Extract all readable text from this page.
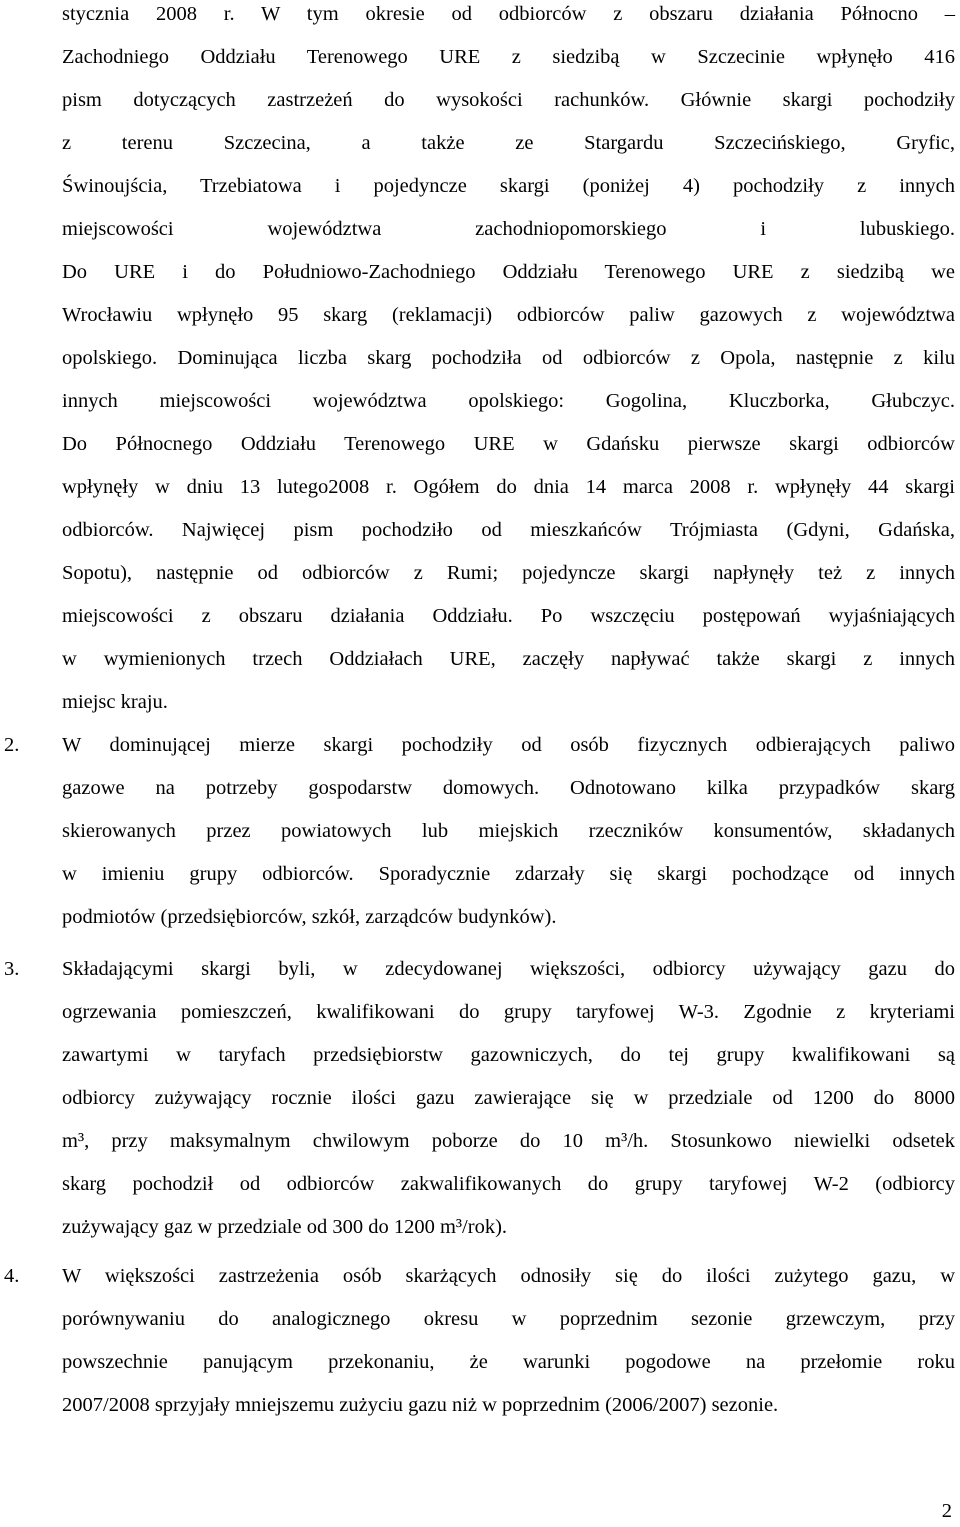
stycznia 2008 r. W tym okresie od odbiorców z obszaru działania Północno –
Zachodniego Oddziału Terenowego URE z siedzibą w Szczecinie wpłynęło 416
pism dotyczących zastrzeżeń do wysokości rachunków. Głównie skargi pochodziły
z terenu Szczecina, a także ze Stargardu Szczecińskiego, Gryfic,
Świnoujścia, Trzebiatowa i pojedyncze skargi (poniżej 4) pochodziły z innych
miejscowości województwa zachodniopomorskiego i lubuskiego.
Do URE i do Południowo-Zachodniego Oddziału Terenowego URE z siedzibą we
Wrocławiu wpłynęło 95 skarg (reklamacji) odbiorców paliw gazowych z województwa
opolskiego. Dominująca liczba skarg pochodziła od odbiorców z Opola, następnie z kilu
innych miejscowości województwa opolskiego: Gogolina, Kluczborka, Głubczyc.
Do Północnego Oddziału Terenowego URE w Gdańsku pierwsze skargi odbiorców
wpłynęły w dniu 13 lutego2008 r. Ogółem do dnia 14 marca 2008 r. wpłynęły 44 skargi
odbiorców. Najwięcej pism pochodziło od mieszkańców Trójmiasta (Gdyni, Gdańska,
Sopotu), następnie od odbiorców z Rumi; pojedyncze skargi napłynęły też z innych
miejscowości z obszaru działania Oddziału. Po wszczęciu postępowań wyjaśniających
w wymienionych trzech Oddziałach URE, zaczęły napływać także skargi z innych
miejsc kraju.
2. W dominującej mierze skargi pochodziły od osób fizycznych odbierających paliwo
gazowe na potrzeby gospodarstw domowych. Odnotowano kilka przypadków skarg
skierowanych przez powiatowych lub miejskich rzeczników konsumentów, składanych
w imieniu grupy odbiorców. Sporadycznie zdarzały się skargi pochodzące od innych
podmiotów (przedsiębiorców, szkół, zarządców budynków).
3. Składającymi skargi byli, w zdecydowanej większości, odbiorcy używający gazu do
ogrzewania pomieszczeń, kwalifikowani do grupy taryfowej W-3. Zgodnie z kryteriami
zawartymi w taryfach przedsiębiorstw gazowniczych, do tej grupy kwalifikowani są
odbiorcy zużywający rocznie ilości gazu zawierające się w przedziale od 1200 do 8000
m³, przy maksymalnym chwilowym poborze do 10 m³/h. Stosunkowo niewielki odsetek
skarg pochodził od odbiorców zakwalifikowanych do grupy taryfowej W-2 (odbiorcy
zużywający gaz w przedziale od 300 do 1200 m³/rok).
4. W większości zastrzeżenia osób skarżących odnosiły się do ilości zużytego gazu, w
porównywaniu do analogicznego okresu w poprzednim sezonie grzewczym, przy
powszechnie panującym przekonaniu, że warunki pogodowe na przełomie roku
2007/2008 sprzyjały mniejszemu zużyciu gazu niż w poprzednim (2006/2007) sezonie.
2
